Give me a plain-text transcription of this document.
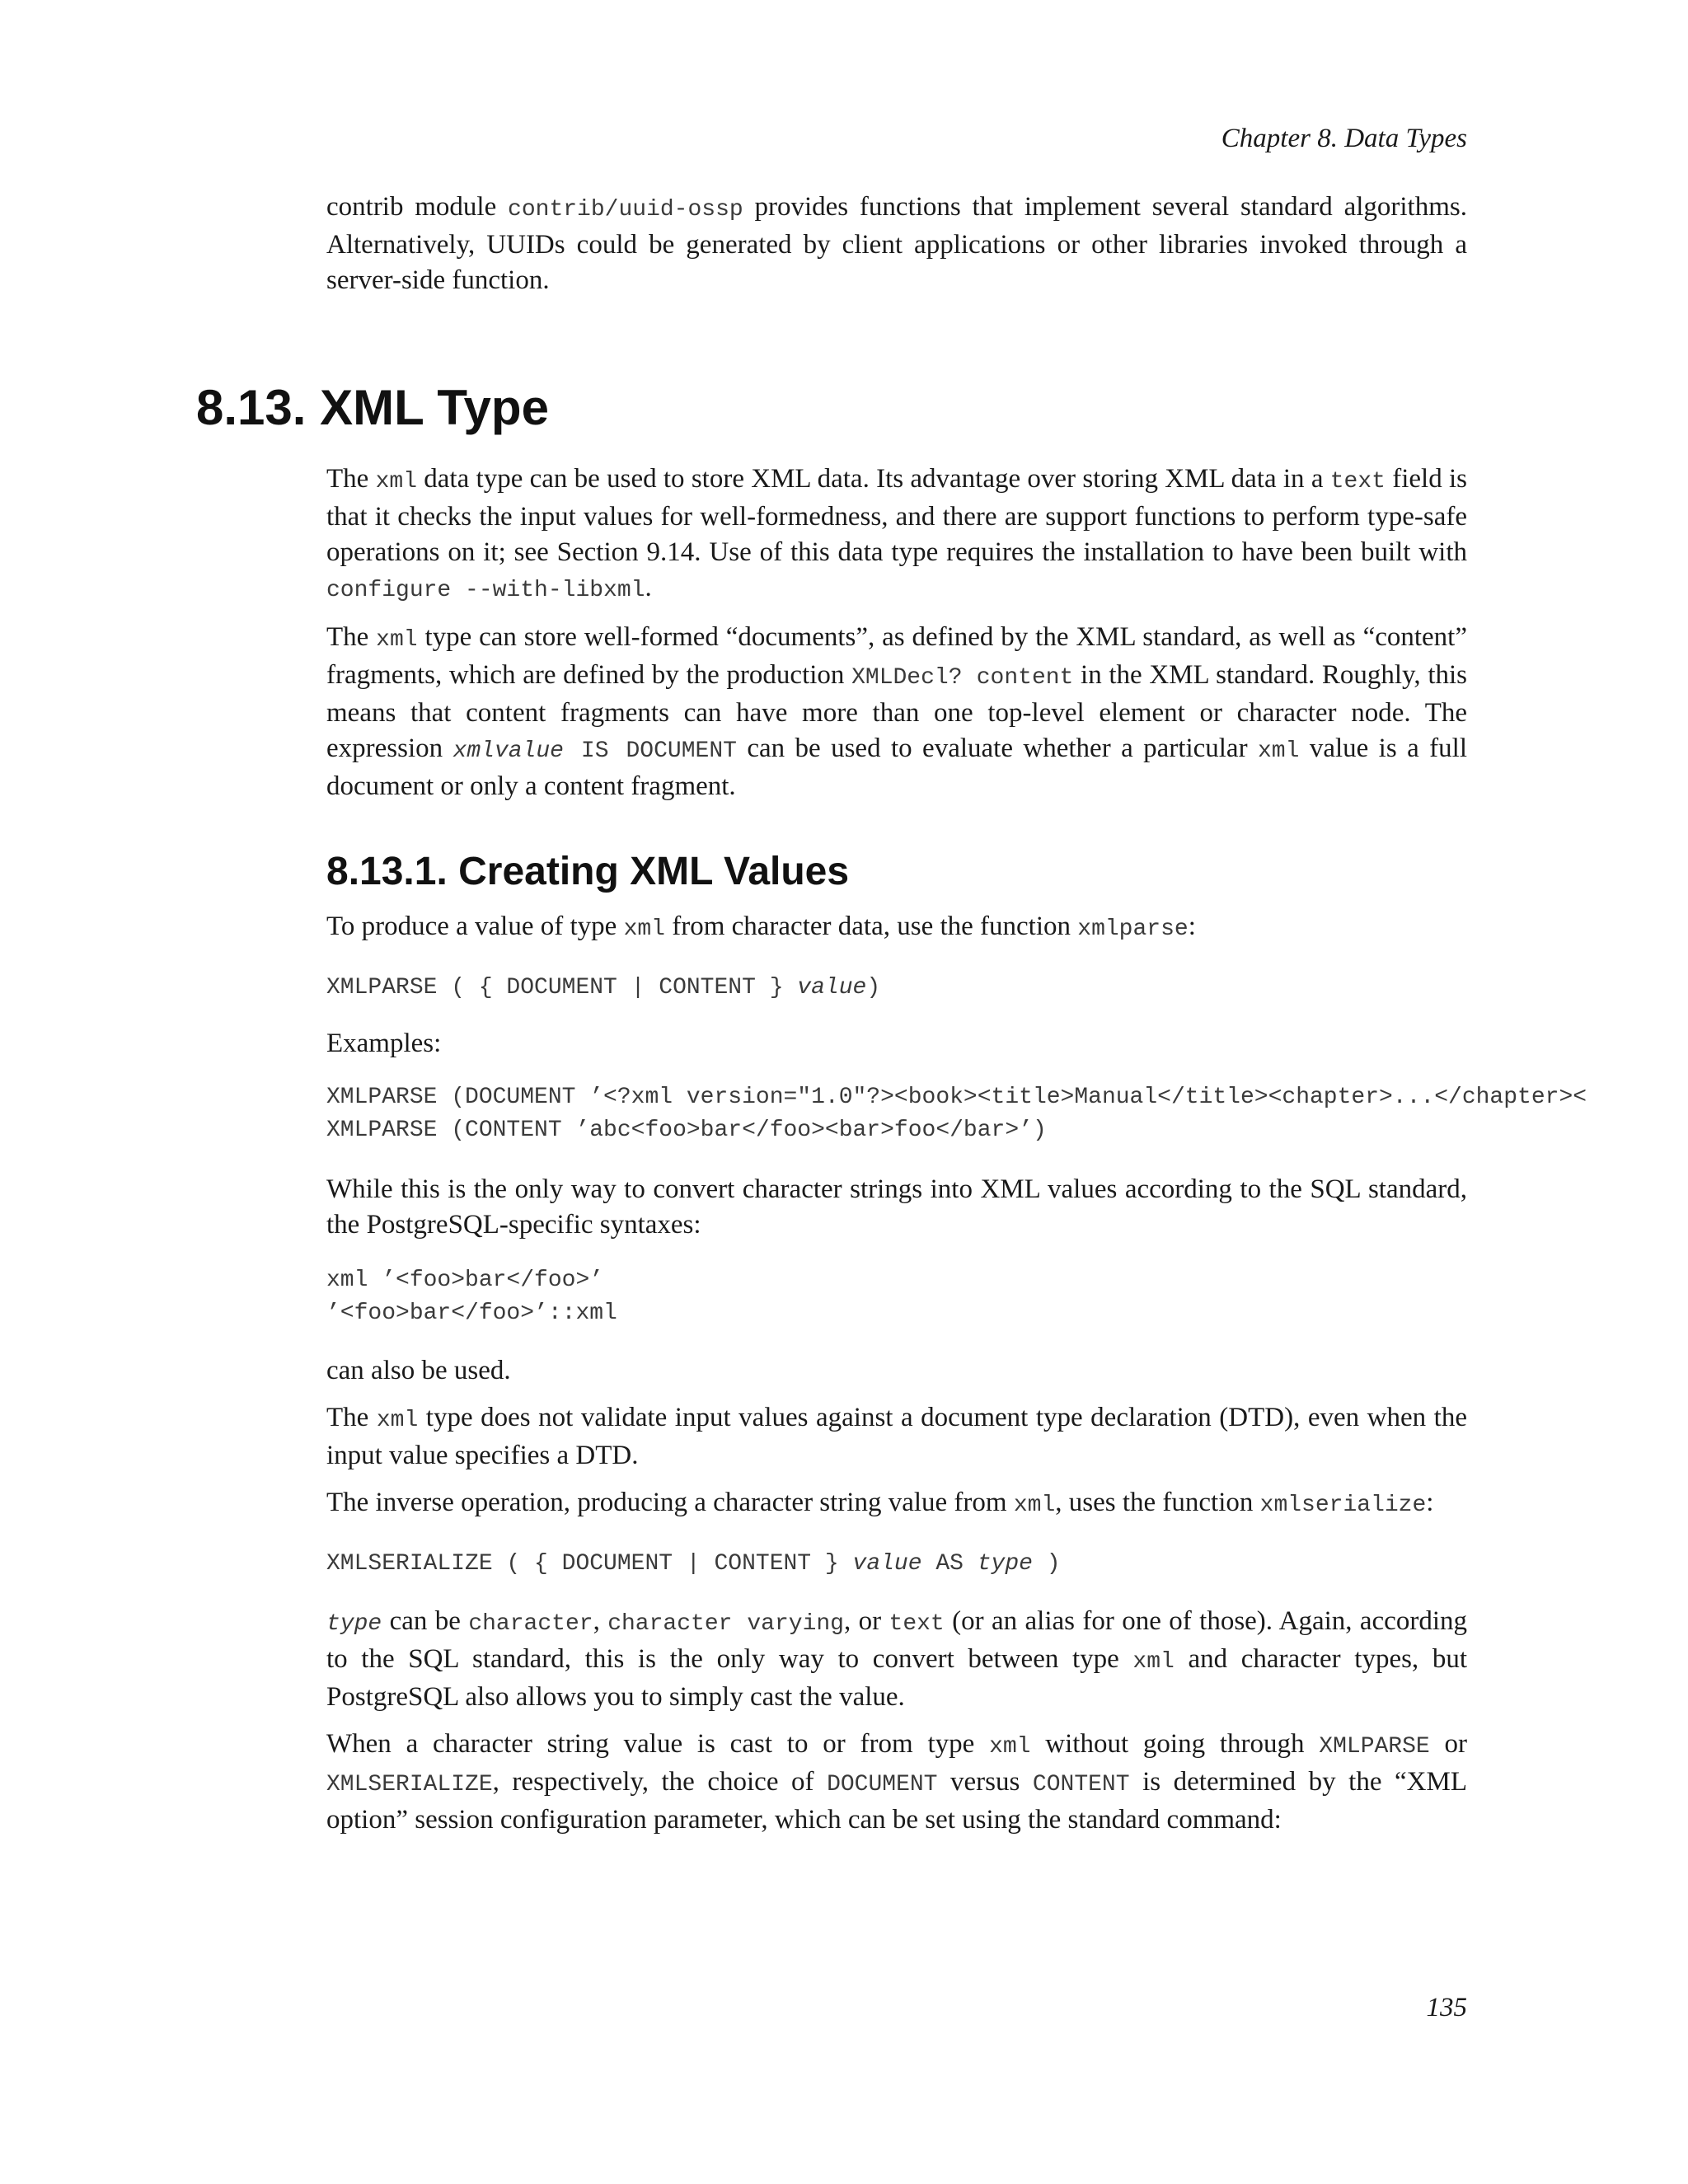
Chapter 8. Data Types

contrib module contrib/uuid-ossp provides functions that implement several standard algorithms. Alternatively, UUIDs could be generated by client applications or other libraries invoked through a server-side function.

8.13. XML Type

The xml data type can be used to store XML data. Its advantage over storing XML data in a text field is that it checks the input values for well-formedness, and there are support functions to perform type-safe operations on it; see Section 9.14. Use of this data type requires the installation to have been built with configure --with-libxml.

The xml type can store well-formed “documents”, as defined by the XML standard, as well as “content” fragments, which are defined by the production XMLDecl? content in the XML standard. Roughly, this means that content fragments can have more than one top-level element or character node. The expression xmlvalue IS DOCUMENT can be used to evaluate whether a particular xml value is a full document or only a content fragment.

8.13.1. Creating XML Values

To produce a value of type xml from character data, use the function xmlparse:

XMLPARSE ( { DOCUMENT | CONTENT } value)

Examples:

XMLPARSE (DOCUMENT ’<?xml version="1.0"?><book><title>Manual</title><chapter>...</chapter><
XMLPARSE (CONTENT ’abc<foo>bar</foo><bar>foo</bar>’)

While this is the only way to convert character strings into XML values according to the SQL standard, the PostgreSQL-specific syntaxes:

xml ’<foo>bar</foo>’
’<foo>bar</foo>’::xml

can also be used.

The xml type does not validate input values against a document type declaration (DTD), even when the input value specifies a DTD.

The inverse operation, producing a character string value from xml, uses the function xmlserialize:

XMLSERIALIZE ( { DOCUMENT | CONTENT } value AS type )

type can be character, character varying, or text (or an alias for one of those). Again, according to the SQL standard, this is the only way to convert between type xml and character types, but PostgreSQL also allows you to simply cast the value.

When a character string value is cast to or from type xml without going through XMLPARSE or XMLSERIALIZE, respectively, the choice of DOCUMENT versus CONTENT is determined by the “XML option” session configuration parameter, which can be set using the standard command:

135
